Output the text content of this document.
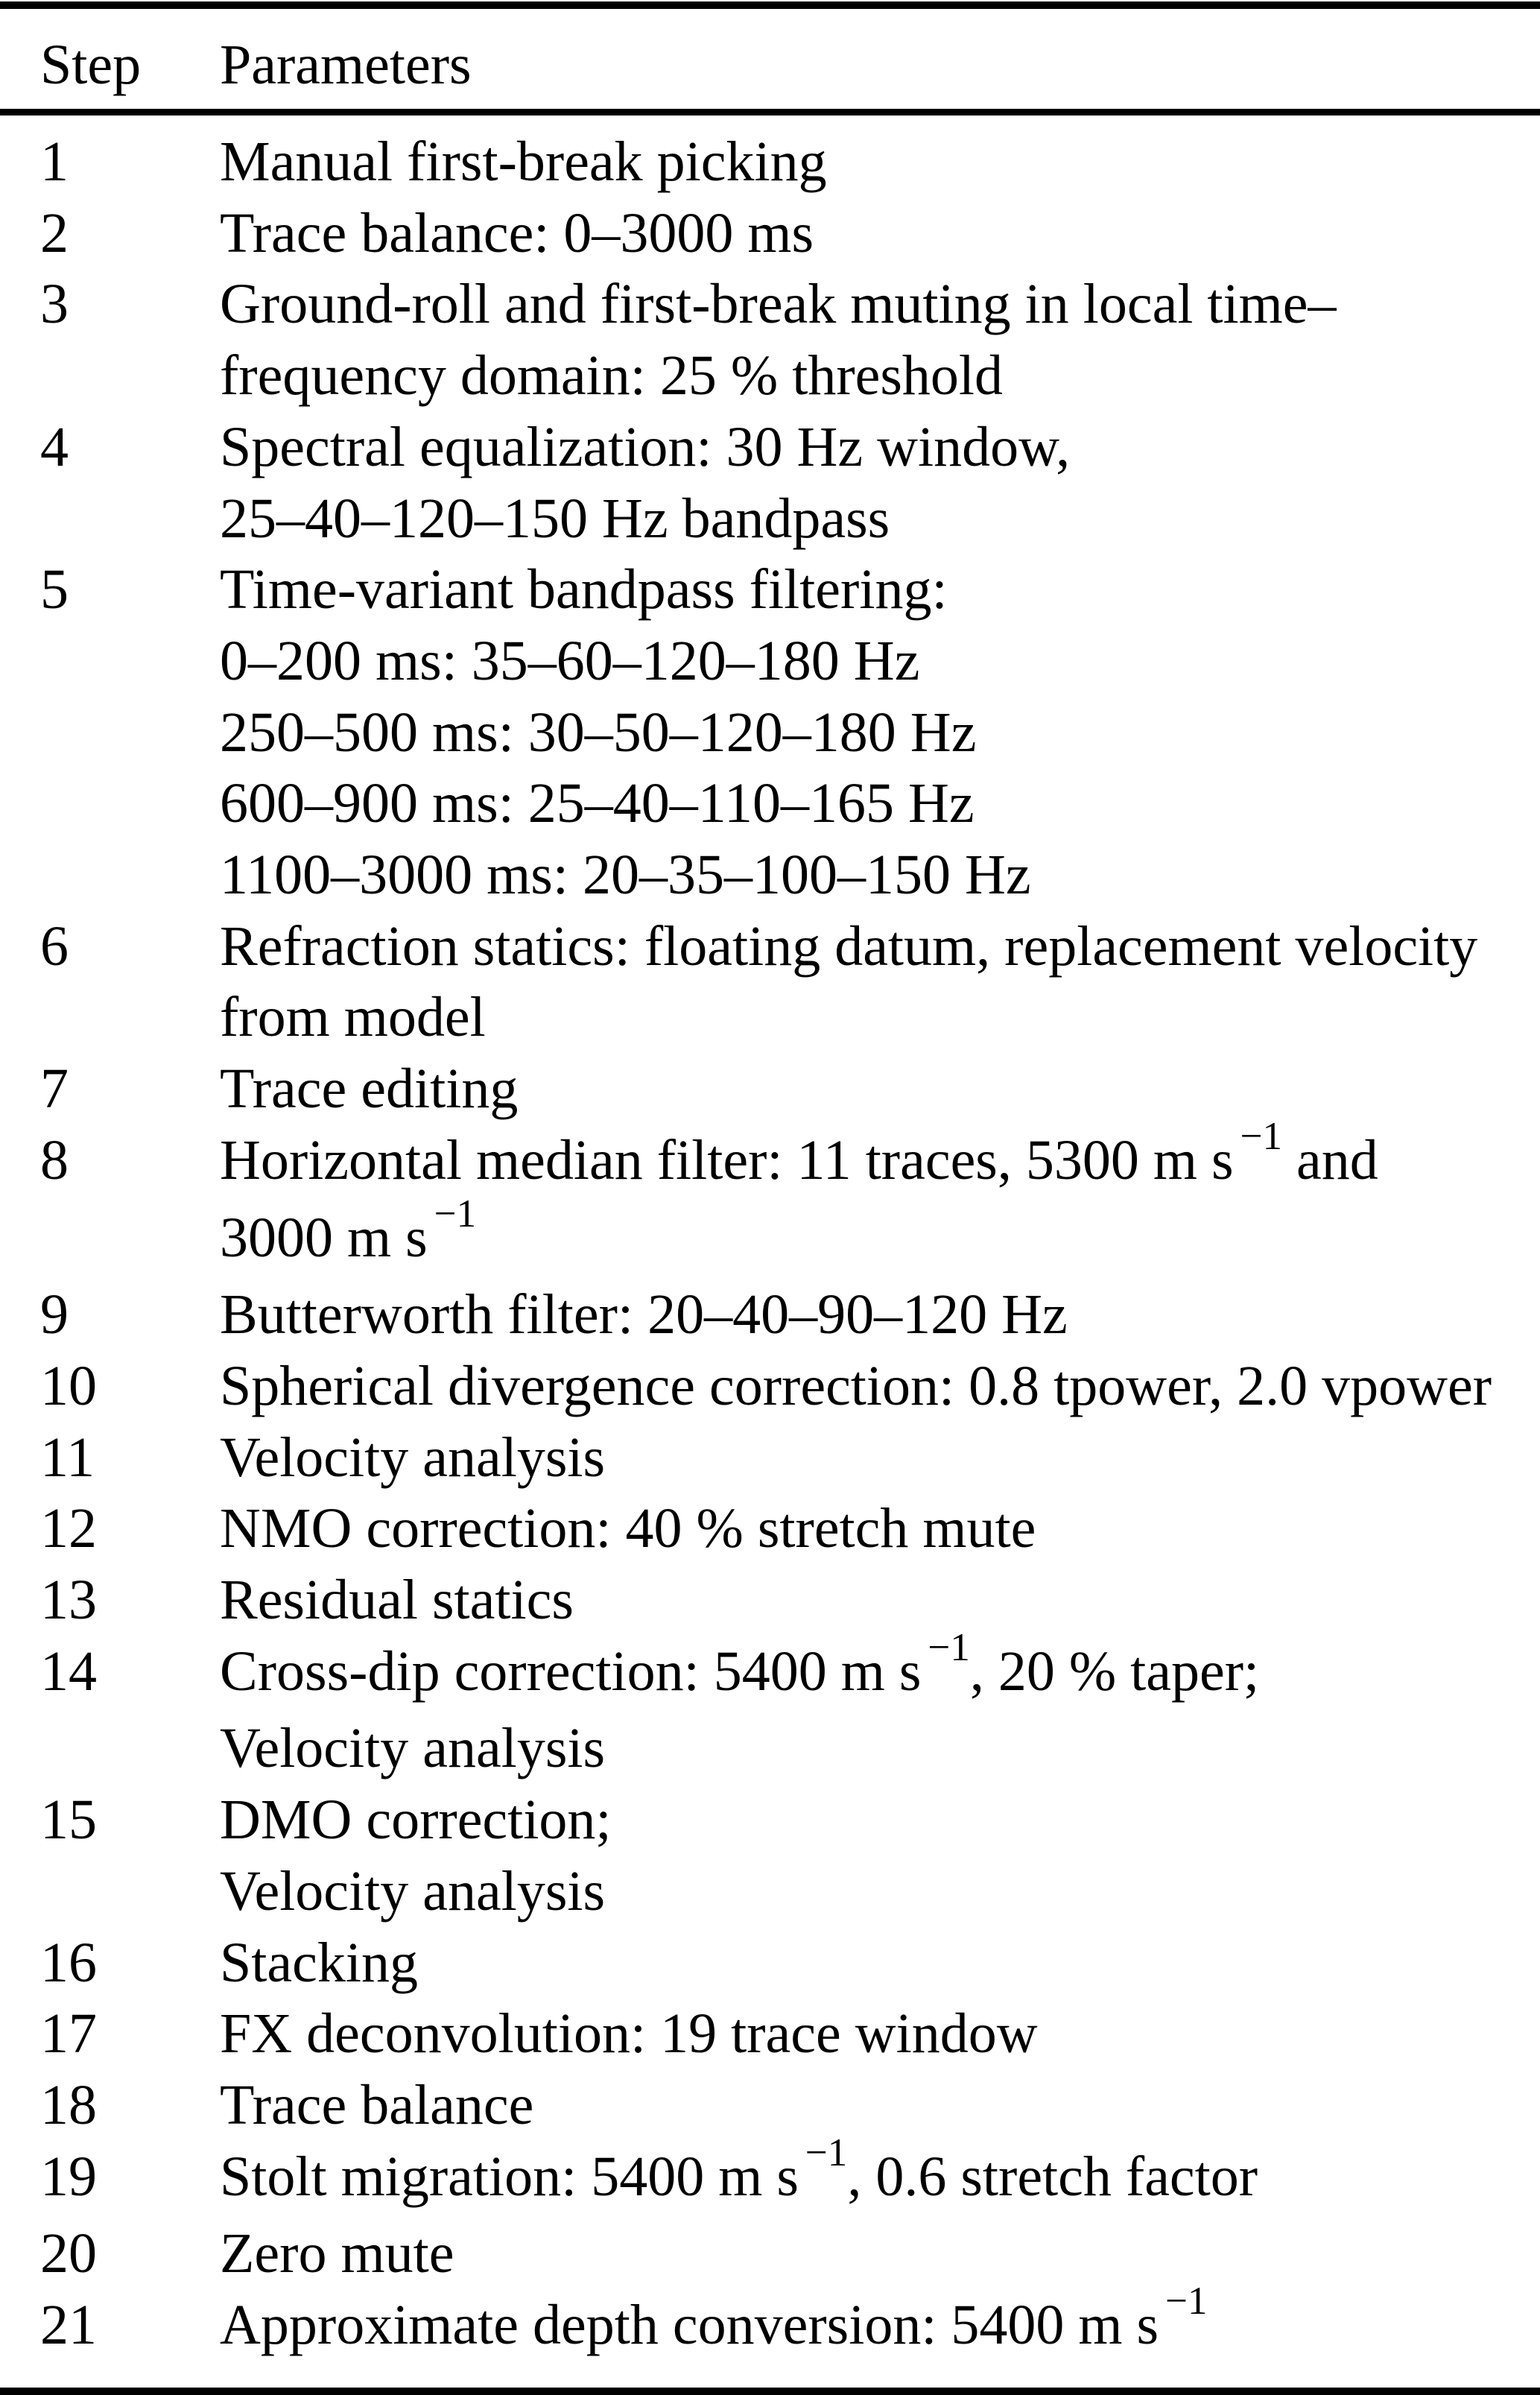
Step	Parameters
1	Manual first-break picking
2	Trace balance: 0–3000 ms
3	Ground-roll and first-break muting in local time–
frequency domain: 25 % threshold
4	Spectral equalization: 30 Hz window,
25–40–120–150 Hz bandpass
5	Time-variant bandpass filtering:
0–200 ms: 35–60–120–180 Hz
250–500 ms: 30–50–120–180 Hz
600–900 ms: 25–40–110–165 Hz
1100–3000 ms: 20–35–100–150 Hz
6	Refraction statics: floating datum, replacement velocity
from model
7	Trace editing
8	Horizontal median filter: 11 traces, 5300 m s $^{-1}$ and
3000 m s $^{-1}$
9	Butterworth filter: 20–40–90–120 Hz
10	Spherical divergence correction: 0.8 tpower, 2.0 vpower
11	Velocity analysis
12	NMO correction: 40 % stretch mute
13	Residual statics
14	Cross-dip correction: 5400 m s $^{-1}$, 20 % taper;
Velocity analysis
15	DMO correction;
Velocity analysis
16	Stacking
17	FX deconvolution: 19 trace window
18	Trace balance
19	Stolt migration: 5400 m s $^{-1}$, 0.6 stretch factor
20	Zero mute
21	Approximate depth conversion: 5400 m s $^{-1}$
